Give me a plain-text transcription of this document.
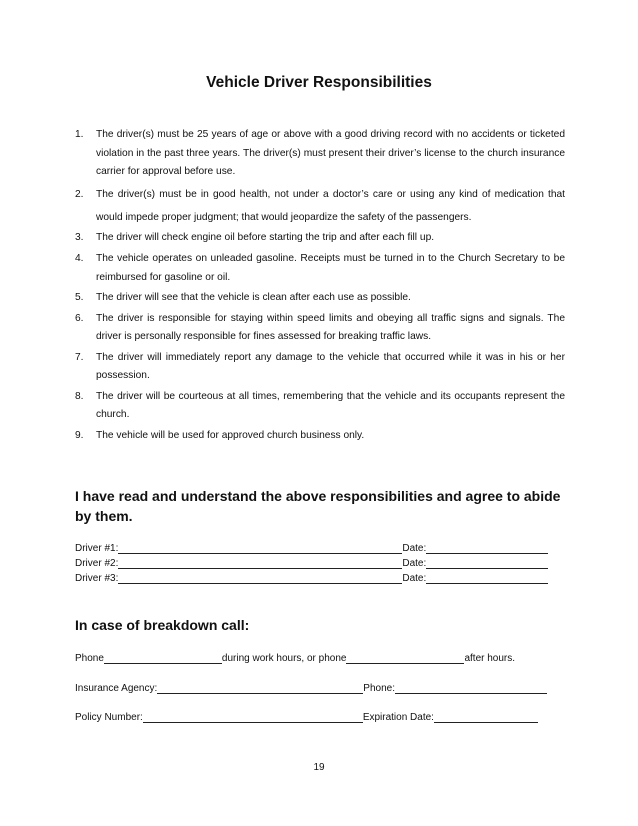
Vehicle Driver Responsibilities
1. The driver(s) must be 25 years of age or above with a good driving record with no accidents or ticketed violation in the past three years. The driver(s) must present their driver’s license to the church insurance carrier for approval before use.
2. The driver(s) must be in good health, not under a doctor’s care or using any kind of medication that would impede proper judgment; that would jeopardize the safety of the passengers.
3. The driver will check engine oil before starting the trip and after each fill up.
4. The vehicle operates on unleaded gasoline. Receipts must be turned in to the Church Secretary to be reimbursed for gasoline or oil.
5. The driver will see that the vehicle is clean after each use as possible.
6. The driver is responsible for staying within speed limits and obeying all traffic signs and signals. The driver is personally responsible for fines assessed for breaking traffic laws.
7. The driver will immediately report any damage to the vehicle that occurred while it was in his or her possession.
8. The driver will be courteous at all times, remembering that the vehicle and its occupants represent the church.
9. The vehicle will be used for approved church business only.
I have read and understand the above responsibilities and agree to abide by them.
Driver #1:	Date:
Driver #2:	Date:
Driver #3:	Date:
In case of breakdown call:
Phone	during work hours, or phone	after hours.
Insurance Agency:	Phone:
Policy Number:	Expiration Date:
19
